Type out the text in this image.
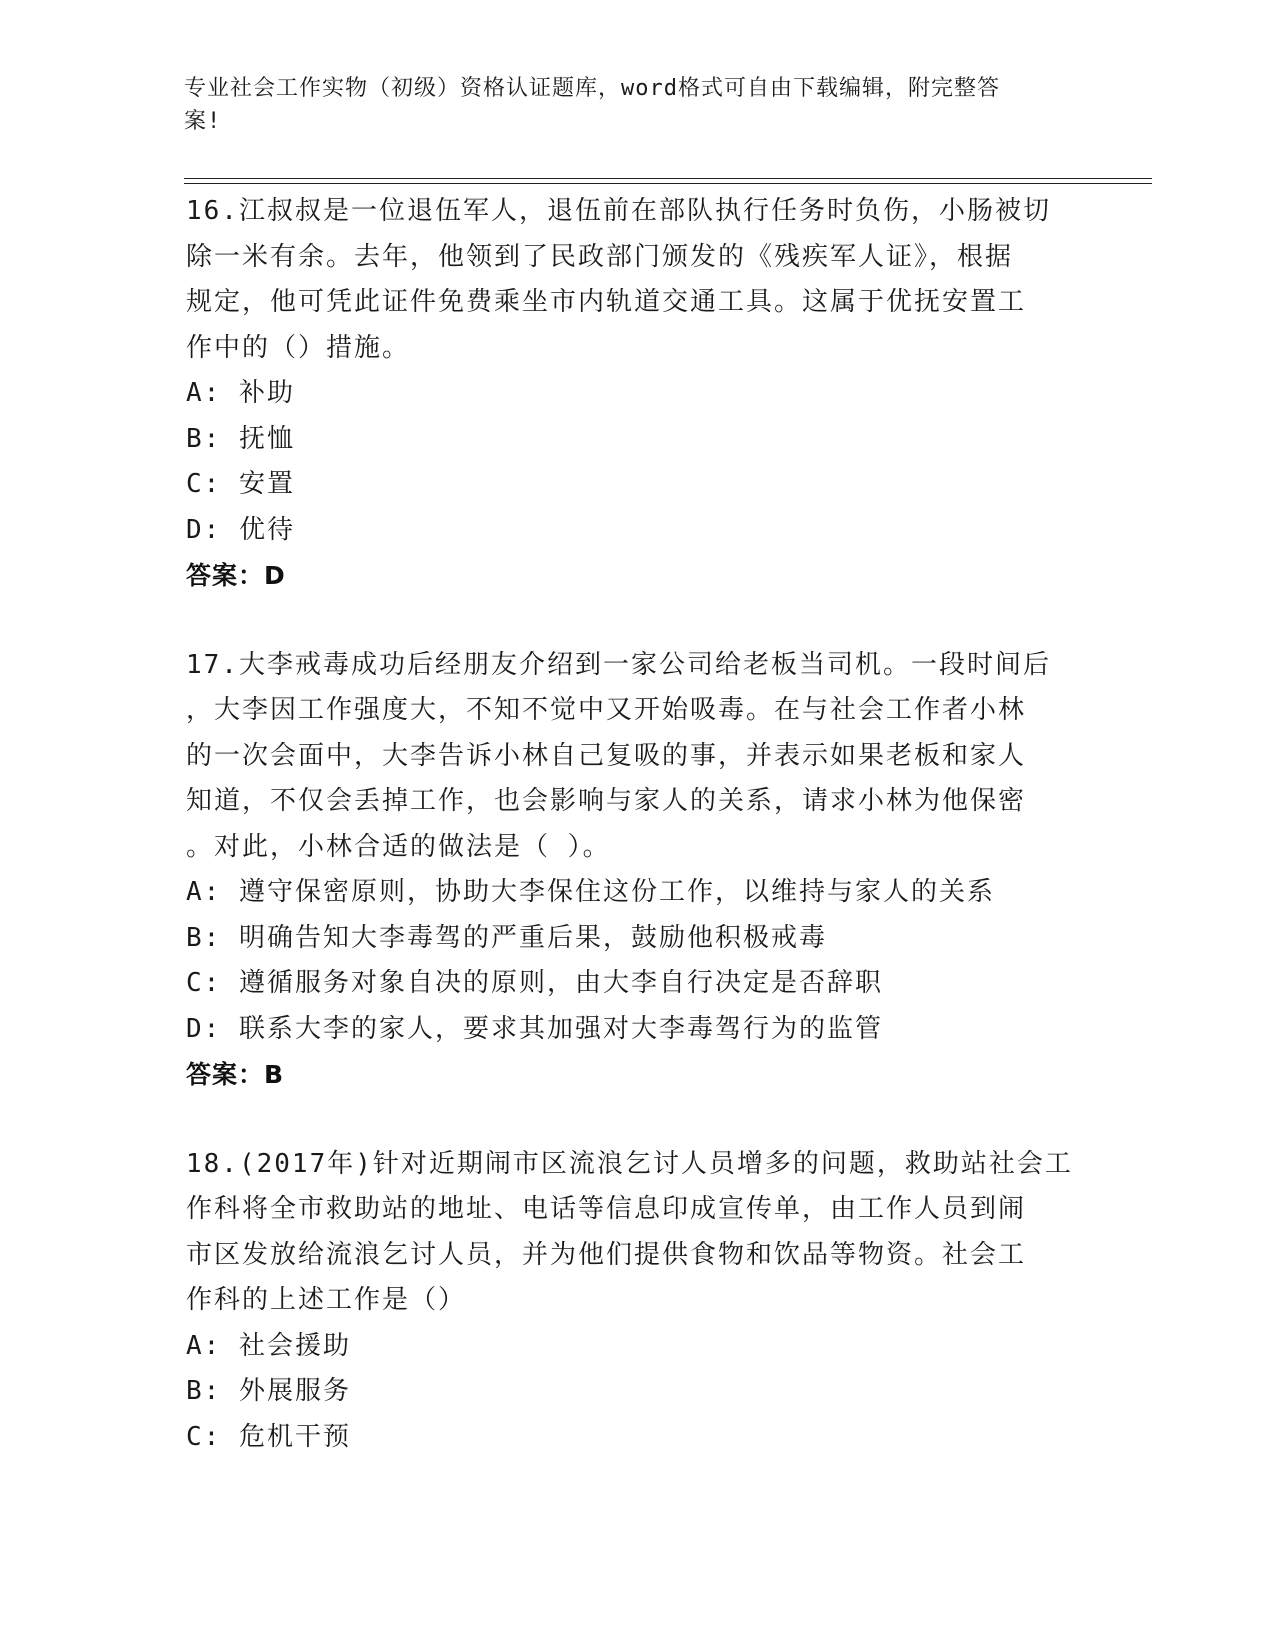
专业社会工作实物（初级）资格认证题库，word格式可自由下载编辑，附完整答
案!
16.江叔叔是一位退伍军人，退伍前在部队执行任务时负伤，小肠被切
除一米有余。去年，他领到了民政部门颁发的《残疾军人证》，根据
规定，他可凭此证件免费乘坐市内轨道交通工具。这属于优抚安置工
作中的（）措施。
A: 补助
B: 抚恤
C: 安置
D: 优待
答案：D
17.大李戒毒成功后经朋友介绍到一家公司给老板当司机。一段时间后
，大李因工作强度大，不知不觉中又开始吸毒。在与社会工作者小林
的一次会面中，大李告诉小林自己复吸的事，并表示如果老板和家人
知道，不仅会丢掉工作，也会影响与家人的关系，请求小林为他保密
。对此，小林合适的做法是（ ）。
A: 遵守保密原则，协助大李保住这份工作，以维持与家人的关系
B: 明确告知大李毒驾的严重后果，鼓励他积极戒毒
C: 遵循服务对象自决的原则，由大李自行决定是否辞职
D: 联系大李的家人，要求其加强对大李毒驾行为的监管
答案：B
18.(2017年)针对近期闹市区流浪乞讨人员增多的问题，救助站社会工
作科将全市救助站的地址、电话等信息印成宣传单，由工作人员到闹
市区发放给流浪乞讨人员，并为他们提供食物和饮品等物资。社会工
作科的上述工作是（）
A: 社会援助
B: 外展服务
C: 危机干预
